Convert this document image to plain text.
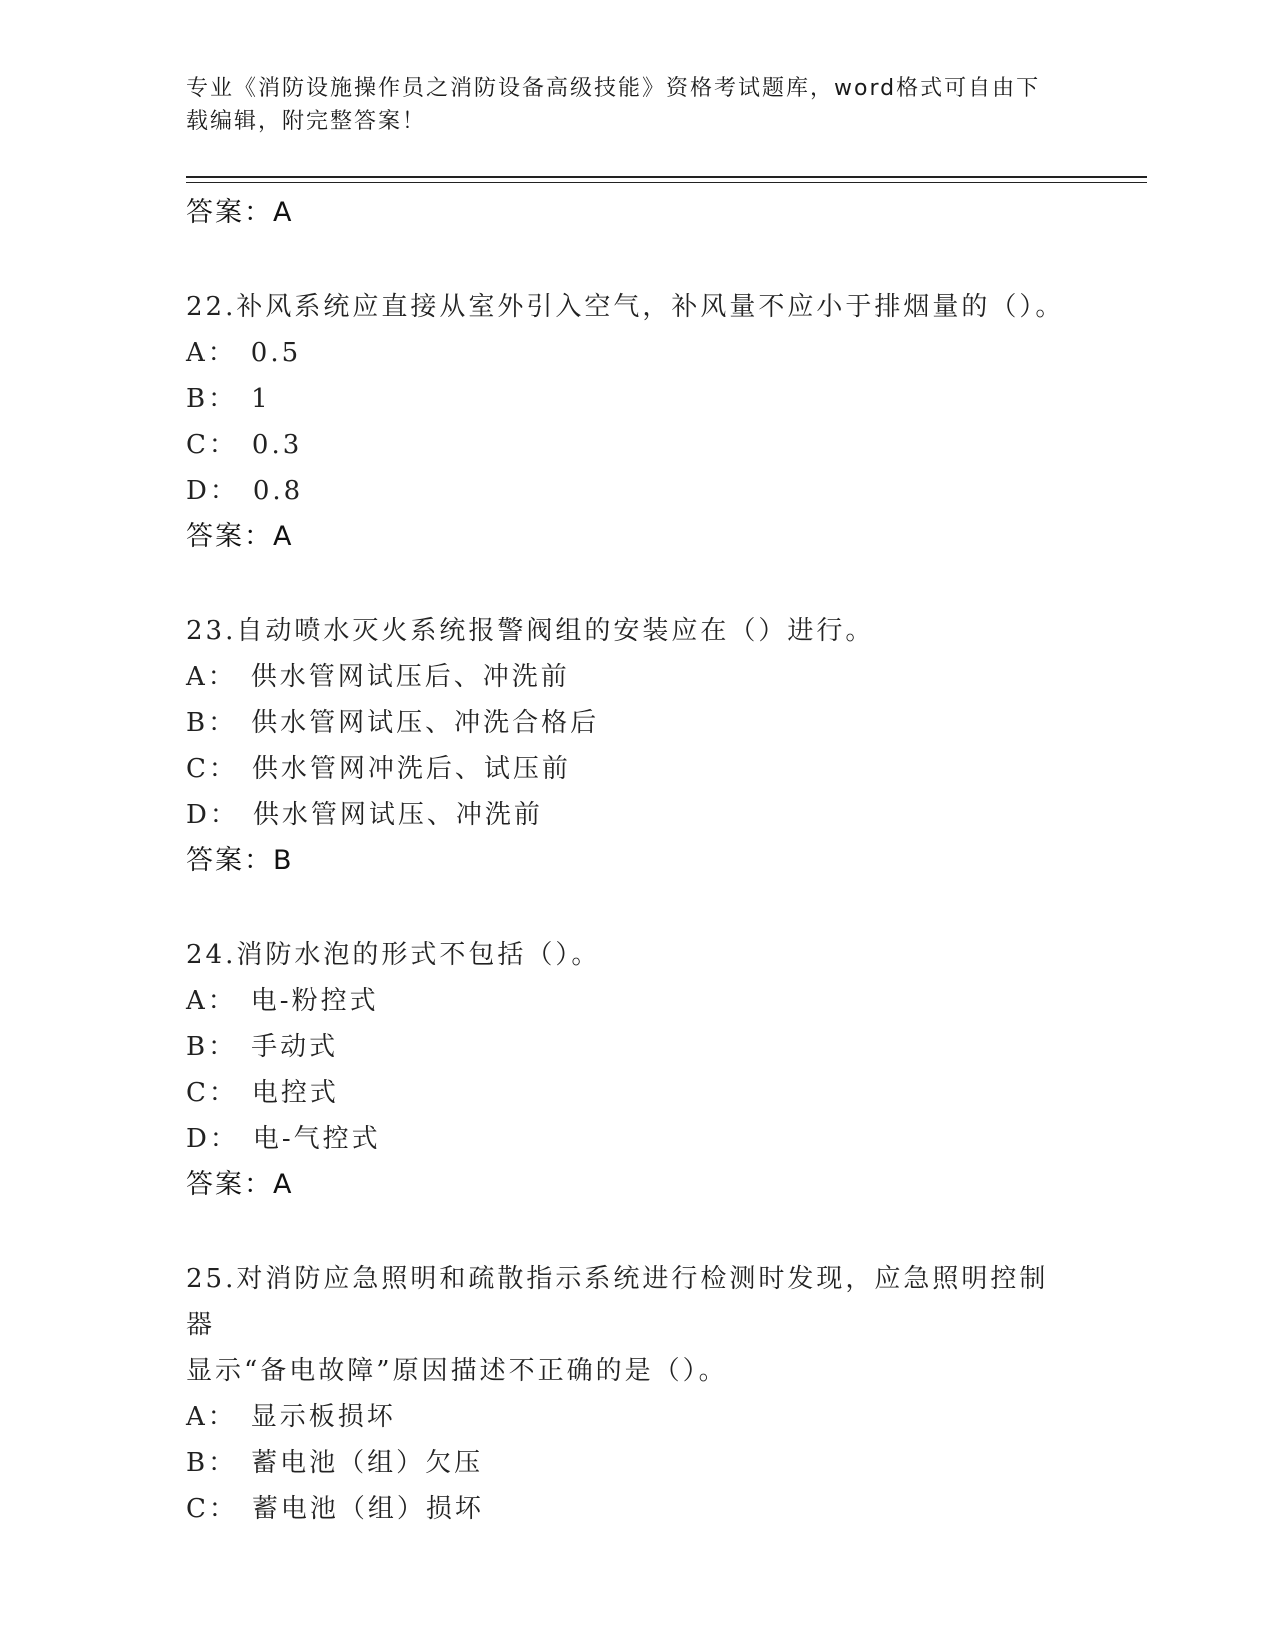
专业《消防设施操作员之消防设备高级技能》资格考试题库，word格式可自由下
载编辑，附完整答案！
答案：A
22.补风系统应直接从室外引入空气，补风量不应小于排烟量的（）。
A： 0.5
B： 1
C： 0.3
D： 0.8
答案：A
23.自动喷水灭火系统报警阀组的安装应在（）进行。
A： 供水管网试压后、冲洗前
B： 供水管网试压、冲洗合格后
C： 供水管网冲洗后、试压前
D： 供水管网试压、冲洗前
答案：B
24.消防水泡的形式不包括（）。
A： 电-粉控式
B： 手动式
C： 电控式
D： 电-气控式
答案：A
25.对消防应急照明和疏散指示系统进行检测时发现，应急照明控制器
显示“备电故障”原因描述不正确的是（）。
A： 显示板损坏
B： 蓄电池（组）欠压
C： 蓄电池（组）损坏
